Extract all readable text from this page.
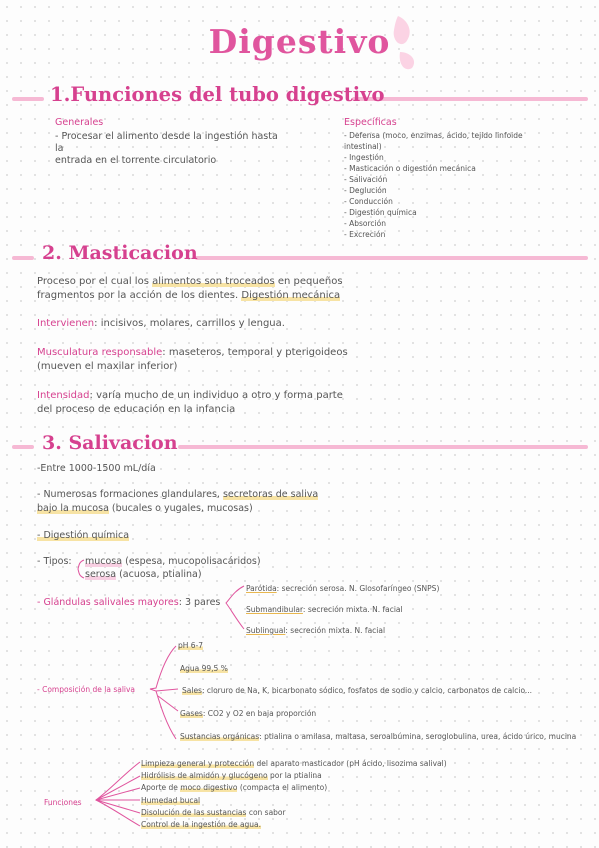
Digestivo
1.Funciones del tubo digestivo
Generales
- Procesar el alimento desde la ingestión hasta
la
entrada en el torrente circulatorio
Específicas
- Defensa (moco, enzimas, ácido, tejido linfoide
intestinal)
- Ingestión
- Masticación o digestión mecánica
- Salivación
- Deglución
- Conducción
- Digestión química
- Absorción
- Excreción
2. Masticacion
Proceso por el cual los alimentos son troceados en pequeños
fragmentos por la acción de los dientes. Digestión mecánica
Intervienen: incisivos, molares, carrillos y lengua.
Musculatura responsable: maseteros, temporal y pterigoideos
(mueven el maxilar inferior)
Intensidad: varía mucho de un individuo a otro y forma parte
del proceso de educación en la infancia
3. Salivacion
-Entre 1000-1500 mL/día
- Numerosas formaciones glandulares, secretoras de saliva
bajo la mucosa (bucales o yugales, mucosas)
- Digestión química
- Tipos: mucosa (espesa, mucopolisacáridos)
serosa (acuosa, ptialina)
- Glándulas salivales mayores: 3 pares
Parótida: secreción serosa. N. Glosofaríngeo (SNPS)
Submandibular: secreción mixta. N. facial
Sublingual: secreción mixta. N. facial
- Composición de la saliva
pH 6-7
Agua 99,5 %
Sales: cloruro de Na, K, bicarbonato sódico, fosfatos de sodio y calcio, carbonatos de calcio...
Gases: CO2 y O2 en baja proporción
Sustancias orgánicas: ptialina o amilasa, maltasa, seroalbúmina, seroglobulina, urea, ácido úrico, mucina
Funciones
Limpieza general y protección del aparato masticador (pH ácido, lisozima salival)
Hidrólisis de almidón y glucógeno por la ptialina
Aporte de moco digestivo (compacta el alimento)
Humedad bucal
Disolución de las sustancias con sabor
Control de la ingestión de agua.
